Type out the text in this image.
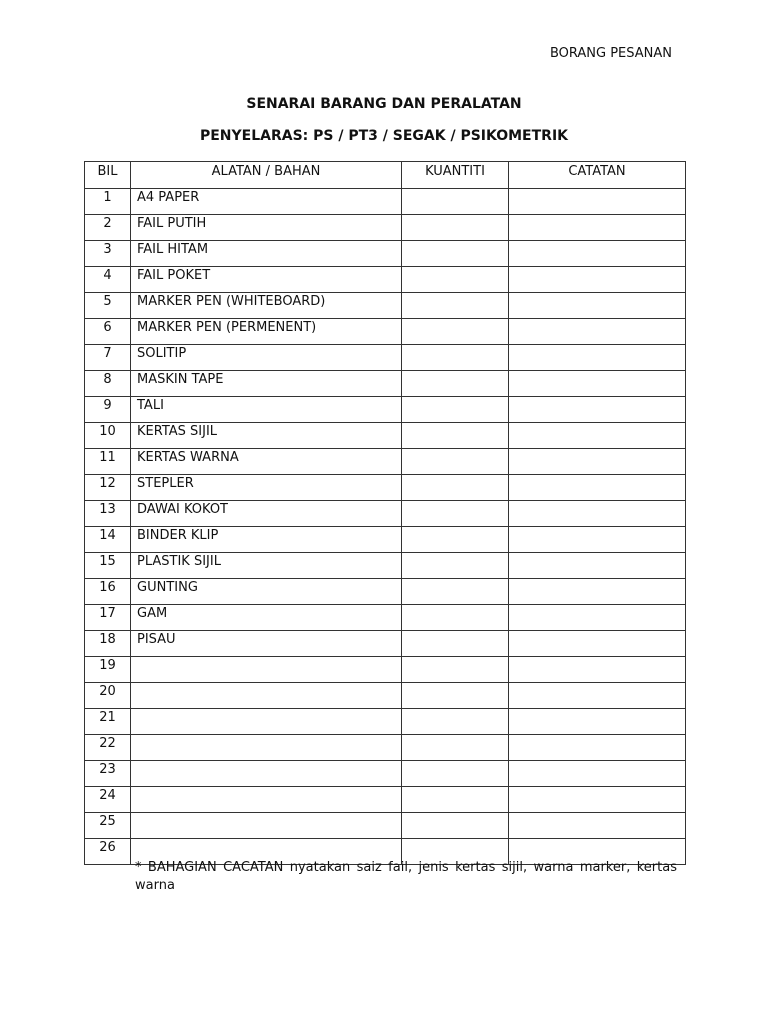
BORANG PESANAN
SENARAI BARANG DAN PERALATAN
PENYELARAS: PS / PT3 / SEGAK / PSIKOMETRIK
BIL	ALATAN / BAHAN	KUANTITI	CATATAN
1	A4 PAPER		
2	FAIL PUTIH		
3	FAIL HITAM		
4	FAIL POKET		
5	MARKER PEN (WHITEBOARD)		
6	MARKER PEN (PERMENENT)		
7	SOLITIP		
8	MASKIN TAPE		
9	TALI		
10	KERTAS SIJIL		
11	KERTAS WARNA		
12	STEPLER		
13	DAWAI KOKOT		
14	BINDER KLIP		
15	PLASTIK SIJIL		
16	GUNTING		
17	GAM		
18	PISAU		
19			
20			
21			
22			
23			
24			
25			
26			
* BAHAGIAN CACATAN nyatakan saiz fail, jenis kertas sijil, warna marker, kertas warna
